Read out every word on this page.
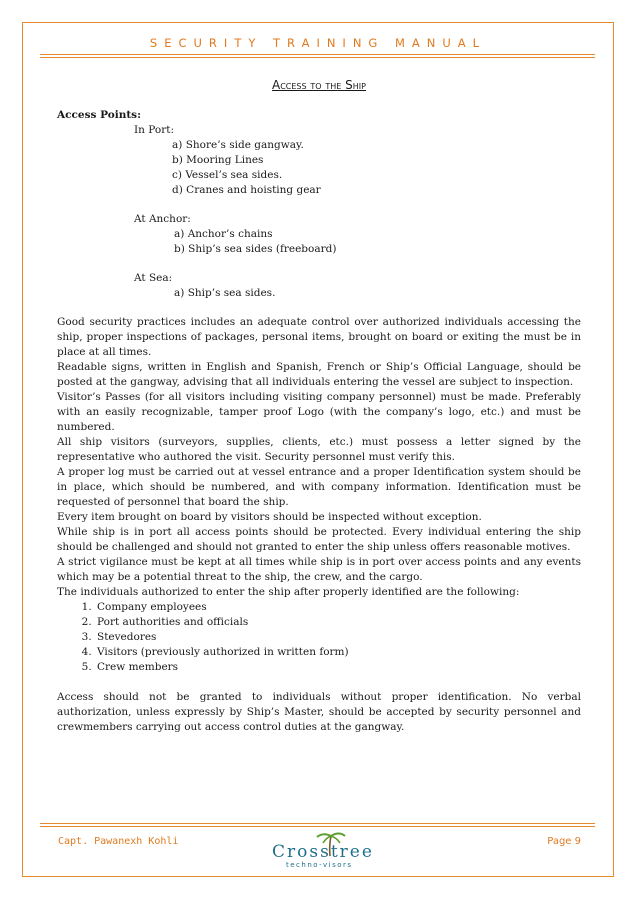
SECURITY TRAINING MANUAL
Access to the Ship

Access Points:

In Port:

a) Shore’s side gangway.

b) Mooring Lines

c) Vessel’s sea sides.

d) Cranes and hoisting gear

At Anchor:

a) Anchor’s chains

b) Ship’s sea sides (freeboard)

At Sea:

a) Ship’s sea sides.

Good security practices includes an adequate control over authorized individuals accessing the ship, proper inspections of packages, personal items, brought on board or exiting the must be in place at all times.

Readable signs, written in English and Spanish, French or Ship’s Official Language, should be posted at the gangway, advising that all individuals entering the vessel are subject to inspection.

Visitor’s Passes (for all visitors including visiting company personnel) must be made. Preferably with an easily recognizable, tamper proof Logo (with the company’s logo, etc.) and must be numbered.

All ship visitors (surveyors, supplies, clients, etc.) must possess a letter signed by the representative who authored the visit. Security personnel must verify this.

A proper log must be carried out at vessel entrance and a proper Identification system should be in place, which should be numbered, and with company information. Identification must be requested of personnel that board the ship.

Every item brought on board by visitors should be inspected without exception.

While ship is in port all access points should be protected. Every individual entering the ship should be challenged and should not granted to enter the ship unless offers reasonable motives.

A strict vigilance must be kept at all times while ship is in port over access points and any events which may be a potential threat to the ship, the crew, and the cargo.

The individuals authorized to enter the ship after properly identified are the following:

1. Company employees
2. Port authorities and officials
3. Stevedores
4. Visitors (previously authorized in written form)
5. Crew members

Access should not be granted to individuals without proper identification. No verbal authorization, unless expressly by Ship’s Master, should be accepted by security personnel and crewmembers carrying out access control duties at the gangway.

Capt. Pawanexh Kohli	Page 9
Crosstree
techno-visors
